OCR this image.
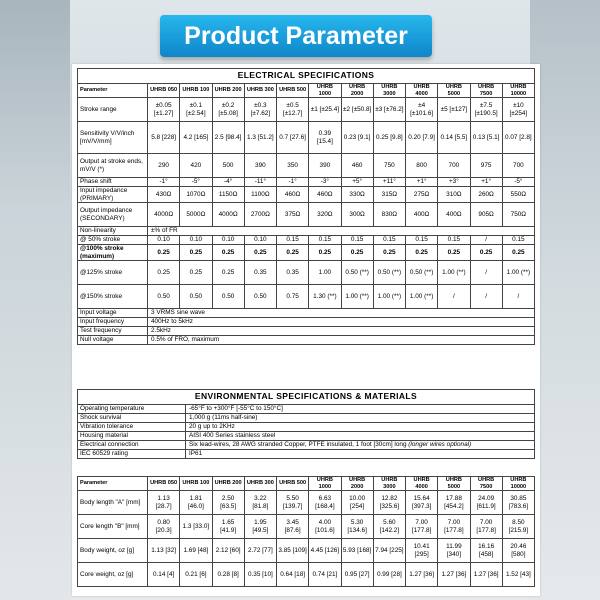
Product Parameter
ELECTRICAL SPECIFICATIONS												
Parameter	UHRB 050	UHRB 100	UHRB 200	UHRB 300	UHRB 500	UHRB 1000	UHRB 2000	UHRB 3000	UHRB 4000	UHRB 5000	UHRB 7500	UHRB 10000
Stroke range	±0.05 [±1.27]	±0.1 [±2.54]	±0.2 [±5.08]	±0.3 [±7.62]	±0.5 [±12.7]	±1 [±25.4]	±2 [±50.8]	±3 [±76.2]	±4 [±101.6]	±5 [±127]	±7.5 [±190.5]	±10 [±254]
Sensitivity V/V/inch [mV/V/mm]	5.8 [228]	4.2 [165]	2.5 [98.4]	1.3 [51.2]	0.7 [27.6]	0.39 [15.4]	0.23 [9.1]	0.25 [9.8]	0.20 [7.9]	0.14 [5.5]	0.13 [5.1]	0.07 [2.8]
Output at stroke ends, mV/V (*)	290	420	500	390	350	390	460	750	800	700	975	700
Phase shift	-1°	-5°	-4°	-11°	-1°	-3°	+5°	+11°	+1°	+3°	+1°	-5°
Input impedance (PRIMARY)	430Ω	1070Ω	1150Ω	1100Ω	460Ω	460Ω	330Ω	315Ω	275Ω	310Ω	260Ω	550Ω
Output impedance (SECONDARY)	4000Ω	5000Ω	4000Ω	2700Ω	375Ω	320Ω	300Ω	830Ω	400Ω	400Ω	905Ω	750Ω
Non-linearity	±% of FR											
@ 50% stroke	0.10	0.10	0.10	0.10	0.15	0.15	0.15	0.15	0.15	0.15	/	0.15
@100% stroke (maximum)	0.25	0.25	0.25	0.25	0.25	0.25	0.25	0.25	0.25	0.25	0.25	0.25
@125% stroke	0.25	0.25	0.25	0.35	0.35	1.00	0.50 (**)	0.50 (**)	0.50 (**)	1.00 (**)	/	1.00 (**)
@150% stroke	0.50	0.50	0.50	0.50	0.75	1.30 (**)	1.00 (**)	1.00 (**)	1.00 (**)	/	/	/
Input voltage	3 VRMS sine wave											
Input frequency	400Hz to 5kHz											
Test frequency	2.5kHz											
Null voltage	0.5% of FRO, maximum											
ENVIRONMENTAL SPECIFICATIONS & MATERIALS	
Operating temperature	-65°F to +300°F [-55°C to 150°C]
Shock survival	1,000 g (11ms half-sine)
Vibration tolerance	20 g up to 2KHz
Housing material	AISI 400 Series stainless steel
Electrical connection	Six lead-wires, 28 AWG stranded Copper, PTFE insulated, 1 foot [30cm] long (longer wires optional)
IEC 60529 rating	IP61
Parameter	UHRB 050	UHRB 100	UHRB 200	UHRB 300	UHRB 500	UHRB 1000	UHRB 2000	UHRB 3000	UHRB 4000	UHRB 5000	UHRB 7500	UHRB 10000
Body length "A" [mm]	1.13 [28.7]	1.81 [46.0]	2.50 [63.5]	3.22 [81.8]	5.50 [139.7]	6.63 [168.4]	10.00 [254]	12.82 [325.6]	15.64 [397.3]	17.88 [454.2]	24.09 [611.9]	30.85 [783.6]
Core length "B" [mm]	0.80 [20.3]	1.3 [33.0]	1.65 [41.9]	1.95 [49.5]	3.45 [87.6]	4.00 [101.6]	5.30 [134.6]	5.60 [142.2]	7.00 [177.8]	7.00 [177.8]	7.00 [177.8]	8.50 [215.9]
Body weight, oz [g]	1.13 [32]	1.69 [48]	2.12 [60]	2.72 [77]	3.85 [109]	4.45 [126]	5.93 [168]	7.94 [225]	10.41 [295]	11.99 [340]	16.16 [458]	20.46 [580]
Core weight, oz [g]	0.14 [4]	0.21 [6]	0.28 [8]	0.35 [10]	0.64 [18]	0.74 [21]	0.95 [27]	0.99 [28]	1.27 [36]	1.27 [36]	1.27 [36]	1.52 [43]
